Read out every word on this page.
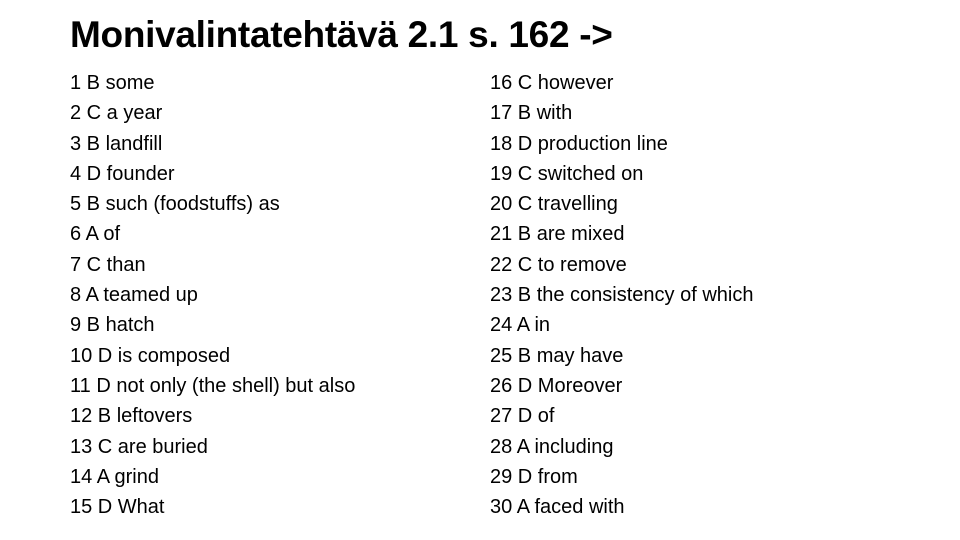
Monivalintatehtävä 2.1 s. 162 ->
1 B some
2 C a year
3 B landfill
4 D founder
5 B such (foodstuffs) as
6 A of
7 C than
8 A teamed up
9 B hatch
10 D is composed
11 D not only (the shell) but also
12 B leftovers
13 C are buried
14 A grind
15 D What
16 C however
17 B with
18 D production line
19 C switched on
20 C travelling
21 B are mixed
22 C to remove
23 B the consistency of which
24 A in
25 B may have
26 D Moreover
27 D of
28 A including
29 D from
30 A faced with
